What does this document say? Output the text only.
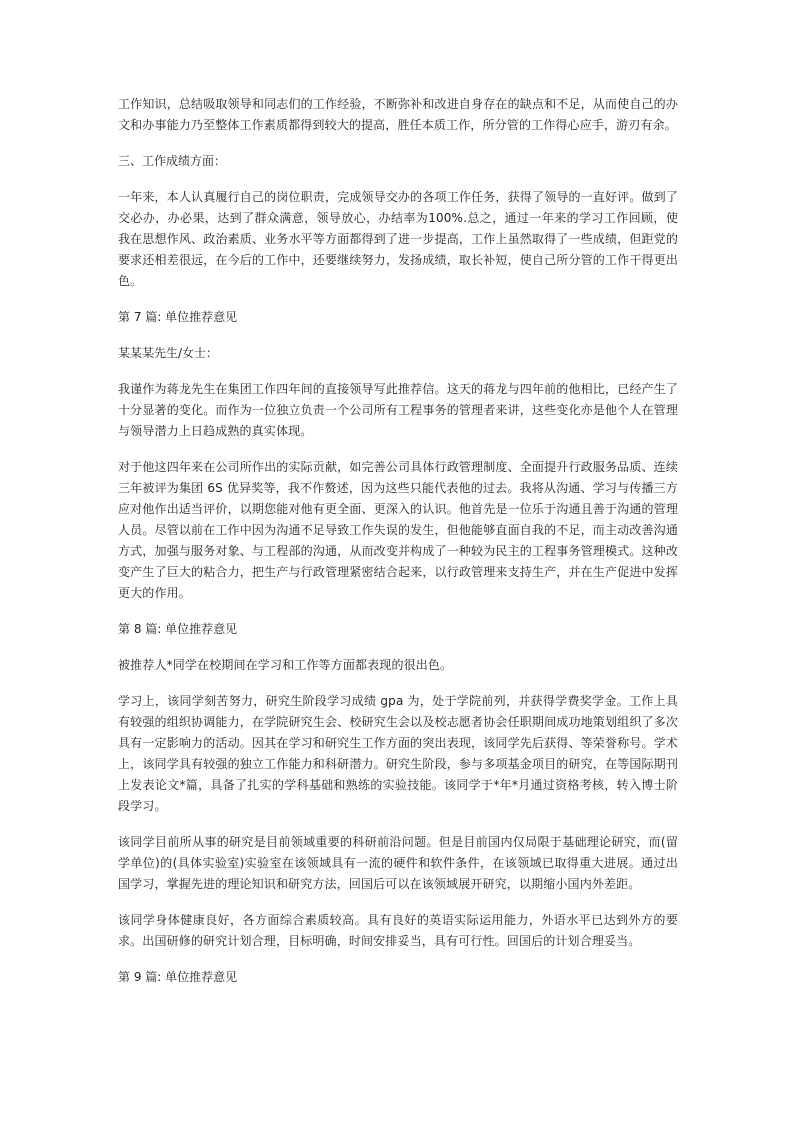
工作知识，总结吸取领导和同志们的工作经验，不断弥补和改进自身存在的缺点和不足，从而使自己的办文和办事能力乃至整体工作素质都得到较大的提高，胜任本质工作，所分管的工作得心应手，游刃有余。

三、工作成绩方面：

一年来，本人认真履行自己的岗位职责，完成领导交办的各项工作任务，获得了领导的一直好评。做到了交必办，办必果，达到了群众满意，领导放心，办结率为100%.总之，通过一年来的学习工作回顾，使我在思想作风、政治素质、业务水平等方面都得到了进一步提高，工作上虽然取得了一些成绩，但距党的要求还相差很远，在今后的工作中，还要继续努力，发扬成绩，取长补短，使自己所分管的工作干得更出色。

第 7 篇: 单位推荐意见

某某某先生/女士：

我谨作为蒋龙先生在集团工作四年间的直接领导写此推荐信。这天的蒋龙与四年前的他相比，已经产生了十分显著的变化。而作为一位独立负责一个公司所有工程事务的管理者来讲，这些变化亦是他个人在管理与领导潜力上日趋成熟的真实体现。

对于他这四年来在公司所作出的实际贡献，如完善公司具体行政管理制度、全面提升行政服务品质、连续三年被评为集团 6S 优异奖等，我不作赘述，因为这些只能代表他的过去。我将从沟通、学习与传播三方应对他作出适当评价，以期您能对他有更全面、更深入的认识。他首先是一位乐于沟通且善于沟通的管理人员。尽管以前在工作中因为沟通不足导致工作失误的发生，但他能够直面自我的不足，而主动改善沟通方式，加强与服务对象、与工程部的沟通，从而改变并构成了一种较为民主的工程事务管理模式。这种改变产生了巨大的粘合力，把生产与行政管理紧密结合起来，以行政管理来支持生产，并在生产促进中发挥更大的作用。

第 8 篇: 单位推荐意见

被推荐人*同学在校期间在学习和工作等方面都表现的很出色。

学习上，该同学刻苦努力，研究生阶段学习成绩 gpa 为，处于学院前列，并获得学费奖学金。工作上具有较强的组织协调能力，在学院研究生会、校研究生会以及校志愿者协会任职期间成功地策划组织了多次具有一定影响力的活动。因其在学习和研究生工作方面的突出表现，该同学先后获得、等荣誉称号。学术上，该同学具有较强的独立工作能力和科研潜力。研究生阶段，参与多项基金项目的研究，在等国际期刊上发表论文*篇，具备了扎实的学科基础和熟练的实验技能。该同学于*年*月通过资格考核，转入博士阶段学习。

该同学目前所从事的研究是目前领域重要的科研前沿问题。但是目前国内仅局限于基础理论研究，而(留学单位)的(具体实验室)实验室在该领域具有一流的硬件和软件条件，在该领域已取得重大进展。通过出国学习，掌握先进的理论知识和研究方法，回国后可以在该领域展开研究，以期缩小国内外差距。

该同学身体健康良好，各方面综合素质较高。具有良好的英语实际运用能力，外语水平已达到外方的要求。出国研修的研究计划合理，目标明确，时间安排妥当，具有可行性。回国后的计划合理妥当。

第 9 篇: 单位推荐意见
